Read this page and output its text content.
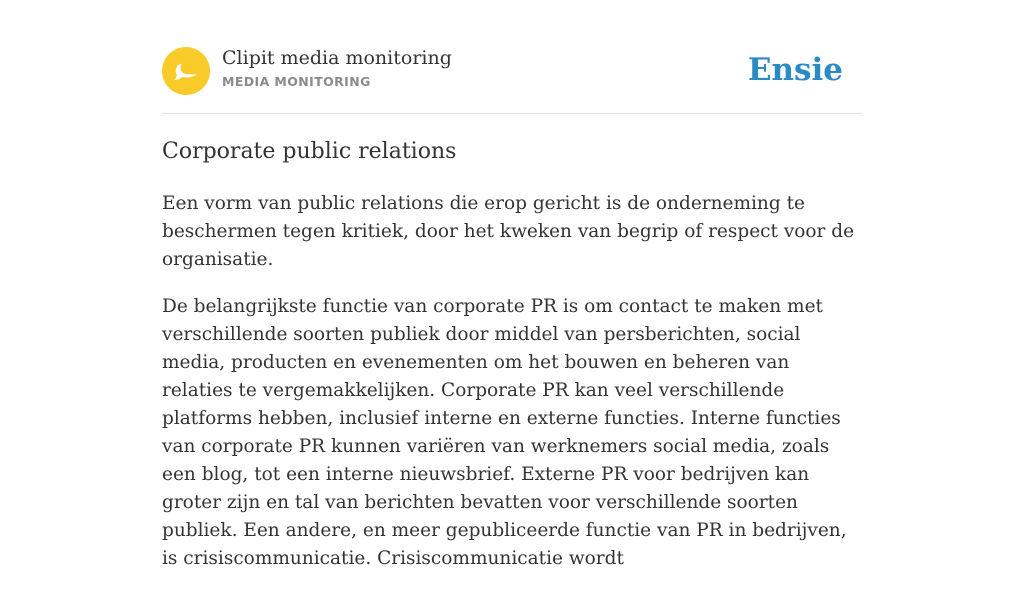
Clipit media monitoring
MEDIA MONITORING	Ensie
Corporate public relations

Een vorm van public relations die erop gericht is de onderneming te beschermen tegen kritiek, door het kweken van begrip of respect voor de organisatie.

De belangrijkste functie van corporate PR is om contact te maken met verschillende soorten publiek door middel van persberichten, social media, producten en evenementen om het bouwen en beheren van relaties te vergemakkelijken. Corporate PR kan veel verschillende platforms hebben, inclusief interne en externe functies. Interne functies van corporate PR kunnen variëren van werknemers social media, zoals een blog, tot een interne nieuwsbrief. Externe PR voor bedrijven kan groter zijn en tal van berichten bevatten voor verschillende soorten publiek. Een andere, en meer gepubliceerde functie van PR in bedrijven, is crisiscommunicatie. Crisiscommunicatie wordt
